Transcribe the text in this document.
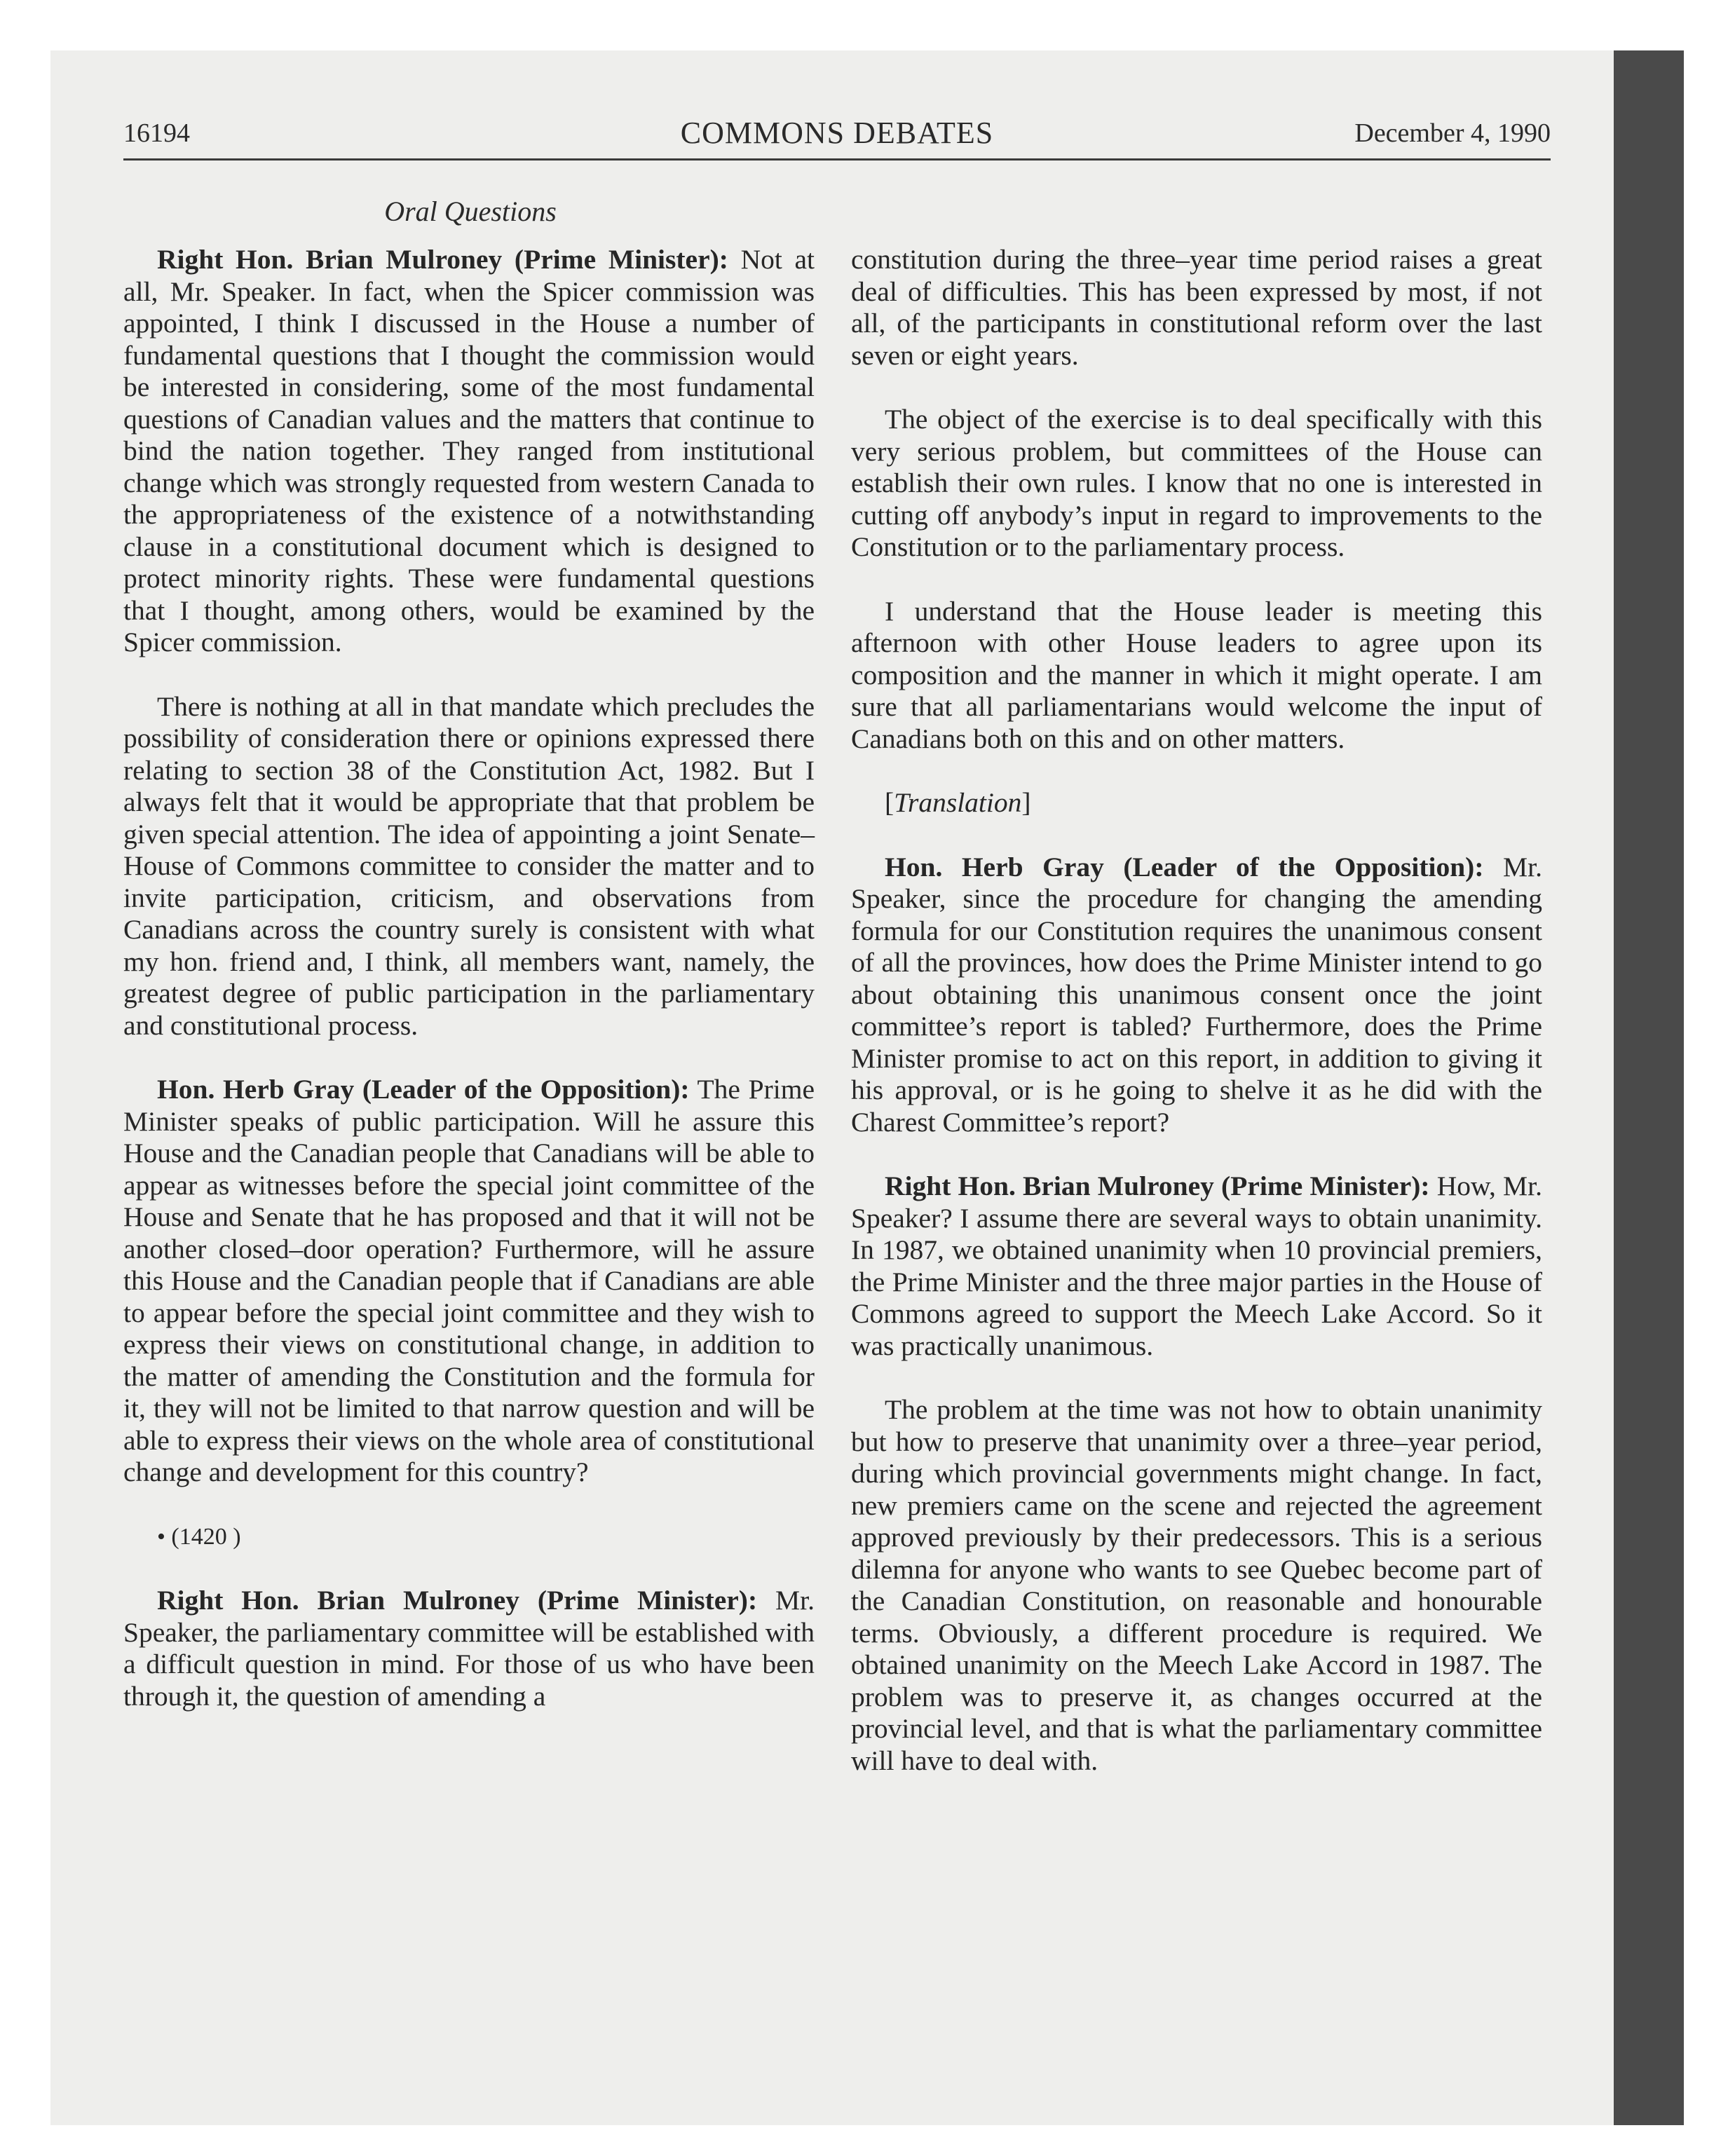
16194	COMMONS DEBATES	December 4, 1990
Oral Questions

Right Hon. Brian Mulroney (Prime Minister): Not at all, Mr. Speaker. In fact, when the Spicer commission was appointed, I think I discussed in the House a number of fundamental questions that I thought the commission would be interested in considering, some of the most fundamental questions of Canadian values and the matters that continue to bind the nation together. They ranged from institutional change which was strongly requested from western Canada to the appropriateness of the existence of a notwithstanding clause in a constitutional document which is designed to protect minority rights. These were fundamental questions that I thought, among others, would be examined by the Spicer commission.

There is nothing at all in that mandate which precludes the possibility of consideration there or opinions expressed there relating to section 38 of the Constitution Act, 1982. But I always felt that it would be appropriate that that problem be given special attention. The idea of appointing a joint Senate–House of Commons committee to consider the matter and to invite participation, criticism, and observations from Canadians across the country surely is consistent with what my hon. friend and, I think, all members want, namely, the greatest degree of public participation in the parliamentary and constitutional process.

Hon. Herb Gray (Leader of the Opposition): The Prime Minister speaks of public participation. Will he assure this House and the Canadian people that Canadians will be able to appear as witnesses before the special joint committee of the House and Senate that he has proposed and that it will not be another closed–door operation? Furthermore, will he assure this House and the Canadian people that if Canadians are able to appear before the special joint committee and they wish to express their views on constitutional change, in addition to the matter of amending the Constitution and the formula for it, they will not be limited to that narrow question and will be able to express their views on the whole area of constitutional change and development for this country?

• (1420 )

Right Hon. Brian Mulroney (Prime Minister): Mr. Speaker, the parliamentary committee will be established with a difficult question in mind. For those of us who have been through it, the question of amending a

constitution during the three–year time period raises a great deal of difficulties. This has been expressed by most, if not all, of the participants in constitutional reform over the last seven or eight years.

The object of the exercise is to deal specifically with this very serious problem, but committees of the House can establish their own rules. I know that no one is interested in cutting off anybody’s input in regard to improvements to the Constitution or to the parliamentary process.

I understand that the House leader is meeting this afternoon with other House leaders to agree upon its composition and the manner in which it might operate. I am sure that all parliamentarians would welcome the input of Canadians both on this and on other matters.

[Translation]

Hon. Herb Gray (Leader of the Opposition): Mr. Speaker, since the procedure for changing the amending formula for our Constitution requires the unanimous consent of all the provinces, how does the Prime Minister intend to go about obtaining this unanimous consent once the joint committee’s report is tabled? Furthermore, does the Prime Minister promise to act on this report, in addition to giving it his approval, or is he going to shelve it as he did with the Charest Committee’s report?

Right Hon. Brian Mulroney (Prime Minister): How, Mr. Speaker? I assume there are several ways to obtain unanimity. In 1987, we obtained unanimity when 10 provincial premiers, the Prime Minister and the three major parties in the House of Commons agreed to support the Meech Lake Accord. So it was practically unanimous.

The problem at the time was not how to obtain unanimity but how to preserve that unanimity over a three–year period, during which provincial governments might change. In fact, new premiers came on the scene and rejected the agreement approved previously by their predecessors. This is a serious dilemna for anyone who wants to see Quebec become part of the Canadian Constitution, on reasonable and honourable terms. Obviously, a different procedure is required. We obtained unanimity on the Meech Lake Accord in 1987. The problem was to preserve it, as changes occurred at the provincial level, and that is what the parliamentary committee will have to deal with.
